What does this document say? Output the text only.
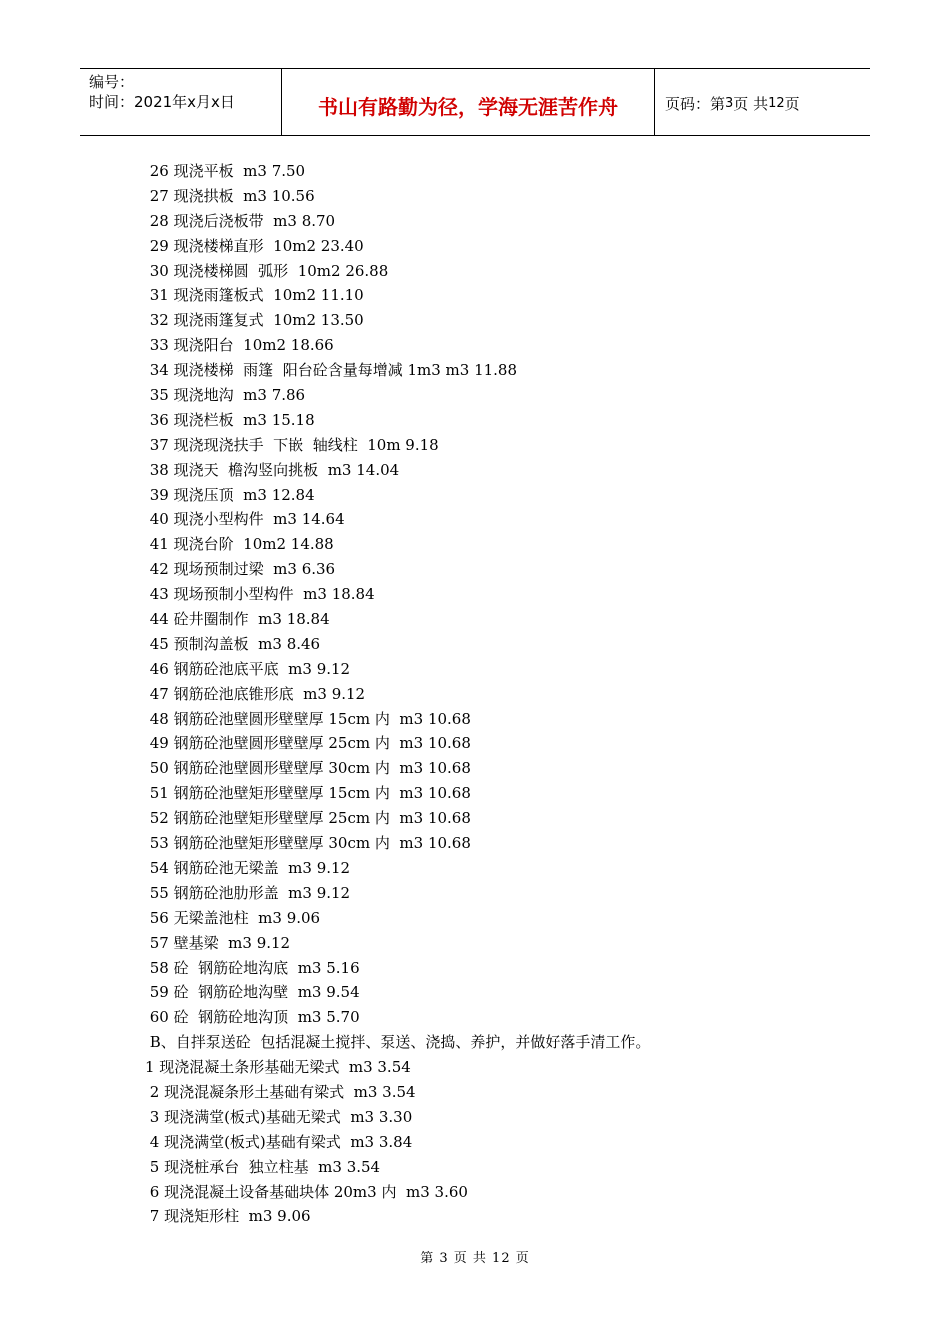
编号：
时间：2021年x月x日	书山有路勤为径，学海无涯苦作舟	页码：第 3 页 共 12 页
26 现浇平板  m3 7.50
27 现浇拱板  m3 10.56
28 现浇后浇板带  m3 8.70
29 现浇楼梯直形  10m2 23.40
30 现浇楼梯圆  弧形  10m2 26.88
31 现浇雨篷板式  10m2 11.10
32 现浇雨篷复式  10m2 13.50
33 现浇阳台  10m2 18.66
34 现浇楼梯  雨篷  阳台砼含量每增减 1m3 m3 11.88
35 现浇地沟  m3 7.86
36 现浇栏板  m3 15.18
37 现浇现浇扶手  下嵌  轴线柱  10m 9.18
38 现浇天  檐沟竖向挑板  m3 14.04
39 现浇压顶  m3 12.84
40 现浇小型构件  m3 14.64
41 现浇台阶  10m2 14.88
42 现场预制过梁  m3 6.36
43 现场预制小型构件  m3 18.84
44 砼井圈制作  m3 18.84
45 预制沟盖板  m3 8.46
46 钢筋砼池底平底  m3 9.12
47 钢筋砼池底锥形底  m3 9.12
48 钢筋砼池壁圆形壁壁厚 15cm 内  m3 10.68
49 钢筋砼池壁圆形壁壁厚 25cm 内  m3 10.68
50 钢筋砼池壁圆形壁壁厚 30cm 内  m3 10.68
51 钢筋砼池壁矩形壁壁厚 15cm 内  m3 10.68
52 钢筋砼池壁矩形壁壁厚 25cm 内  m3 10.68
53 钢筋砼池壁矩形壁壁厚 30cm 内  m3 10.68
54 钢筋砼池无梁盖  m3 9.12
55 钢筋砼池肋形盖  m3 9.12
56 无梁盖池柱  m3 9.06
57 壁基梁  m3 9.12
58 砼  钢筋砼地沟底  m3 5.16
59 砼  钢筋砼地沟壁  m3 9.54
60 砼  钢筋砼地沟顶  m3 5.70
B、自拌泵送砼  包括混凝土搅拌、泵送、浇捣、养护，并做好落手清工作。
1 现浇混凝土条形基础无梁式  m3 3.54
2 现浇混凝条形土基础有梁式  m3 3.54
3 现浇满堂(板式)基础无梁式  m3 3.30
4 现浇满堂(板式)基础有梁式  m3 3.84
5 现浇桩承台  独立柱基  m3 3.54
6 现浇混凝土设备基础块体 20m3 内  m3 3.60
7 现浇矩形柱  m3 9.06
第 3 页 共 12 页
